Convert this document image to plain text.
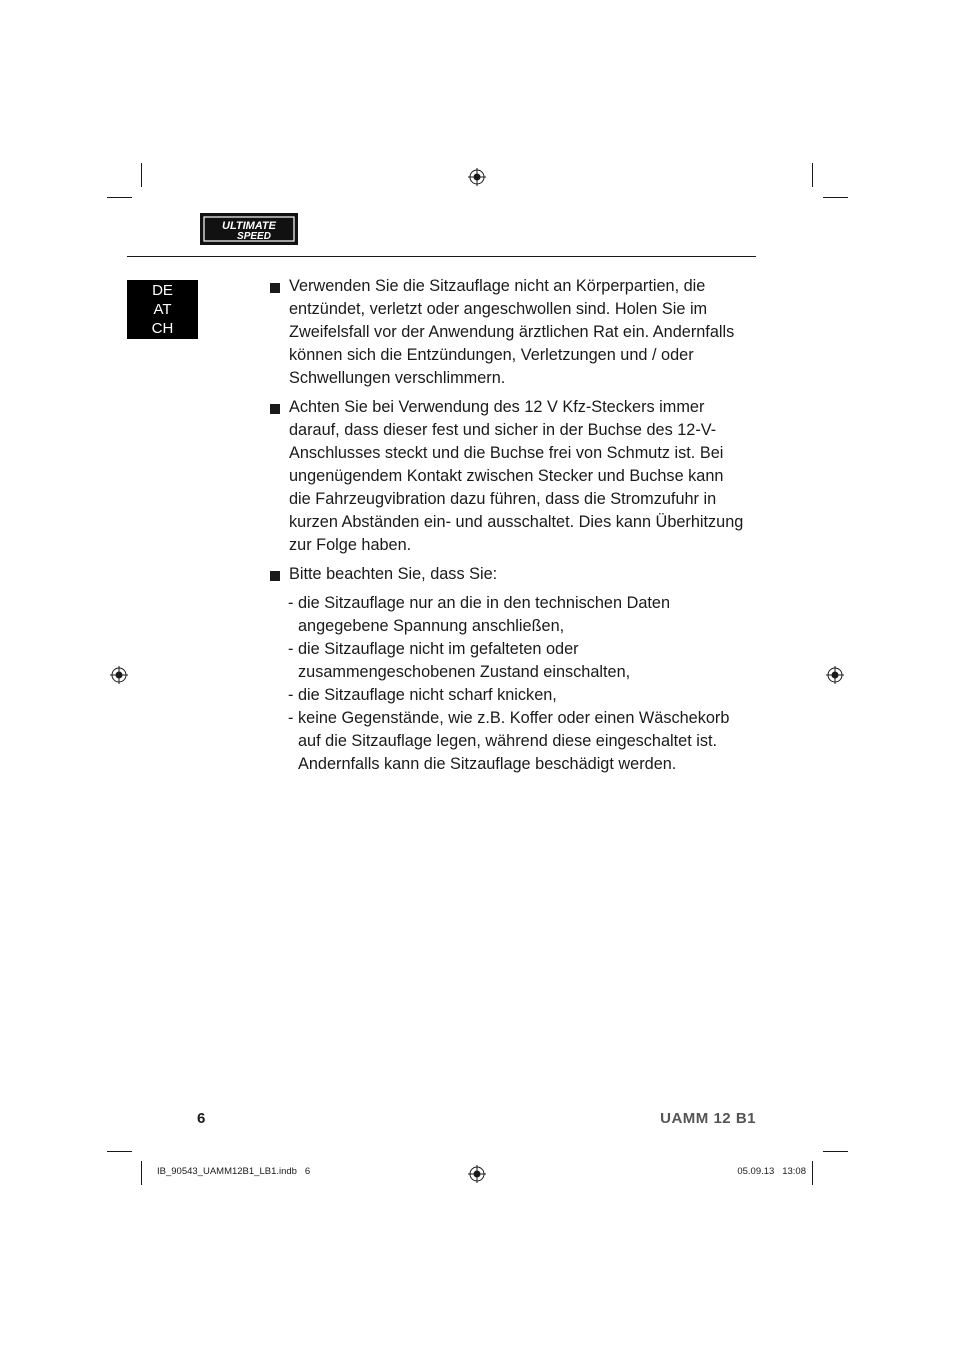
ULTIMATE
SPEED
DE
AT
CH

Verwenden Sie die Sitzauflage nicht an Körperpartien, die entzündet, verletzt oder angeschwollen sind. Holen Sie im Zweifelsfall vor der Anwendung ärztlichen Rat ein. Andernfalls können sich die Entzündungen, Verletzungen und / oder Schwellungen verschlimmern.

Achten Sie bei Verwendung des 12 V Kfz-Steckers immer darauf, dass dieser fest und sicher in der Buchse des 12-V-Anschlusses steckt und die Buchse frei von Schmutz ist. Bei ungenügendem Kontakt zwischen Stecker und Buchse kann die Fahrzeugvibration dazu führen, dass die Stromzufuhr in kurzen Abständen ein- und ausschaltet. Dies kann Überhitzung zur Folge haben.

Bitte beachten Sie, dass Sie:

- die Sitzauflage nur an die in den technischen Daten angegebene Spannung anschließen,
- die Sitzauflage nicht im gefalteten oder zusammengeschobenen Zustand einschalten,
- die Sitzauflage nicht scharf knicken,
- keine Gegenstände, wie z.B. Koffer oder einen Wäschekorb auf die Sitzauflage legen, während diese eingeschaltet ist. Andernfalls kann die Sitzauflage beschädigt werden.
6	UAMM 12 B1
IB_90543_UAMM12B1_LB1.indb   6	05.09.13   13:08
